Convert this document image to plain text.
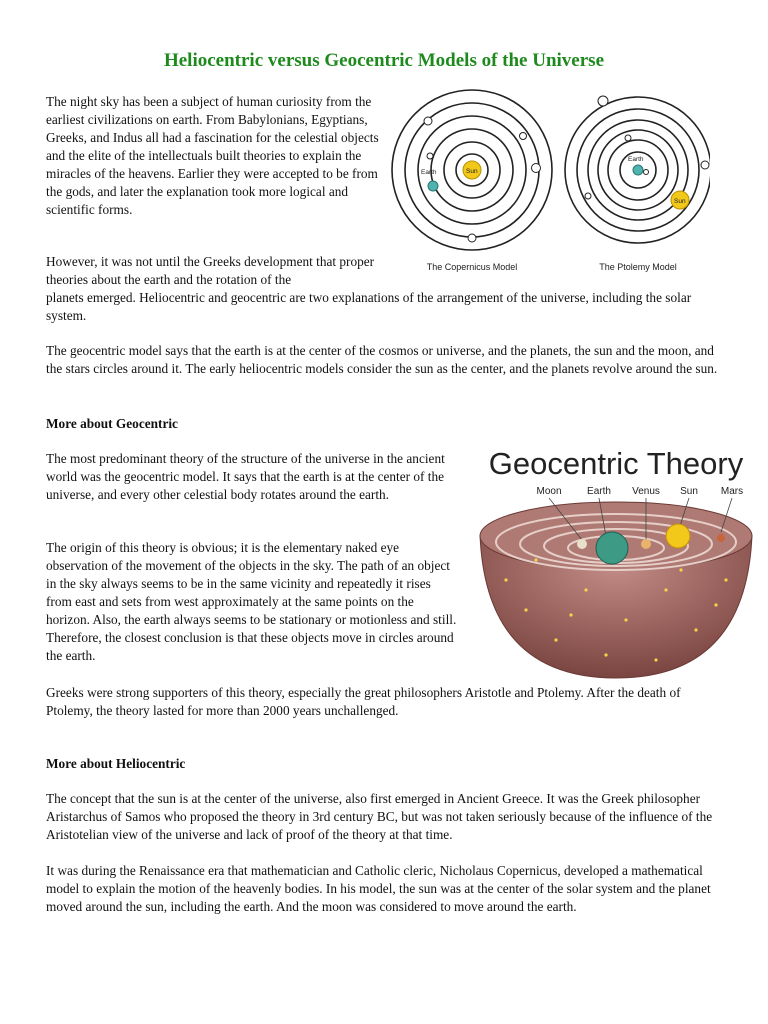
Heliocentric versus Geocentric Models of the Universe

The night sky has been a subject of human curiosity from the earliest civilizations on earth. From Babylonians, Egyptians, Greeks, and Indus all had a fascination for the celestial objects and the elite of the intellectuals built theories to explain the miracles of the heavens. Earlier they were accepted to be from the gods, and later the explanation took more logical and scientific forms.

However, it was not until the Greeks development that proper theories about the earth and the rotation of the

planets emerged. Heliocentric and geocentric are two explanations of the arrangement of the universe, including the solar system.

The geocentric model says that the earth is at the center of the cosmos or universe, and the planets, the sun and the moon, and the stars circles around it. The early heliocentric models consider the sun as the center, and the planets revolve around the sun.

Earth	Sun
Earth
Sun
The Copernicus Model	The Ptolemy Model
More about Geocentric

The most predominant theory of the structure of the universe in the ancient world was the geocentric model. It says that the earth is at the center of the universe, and every other celestial body rotates around the earth.

The origin of this theory is obvious; it is the elementary naked eye observation of the movement of the objects in the sky. The path of an object in the sky always seems to be in the same vicinity and repeatedly it rises from east and sets from west approximately at the same points on the horizon. Also, the earth always seems to be stationary or motionless and still. Therefore, the closest conclusion is that these objects move in circles around the earth.

Greeks were strong supporters of this theory, especially the great philosophers Aristotle and Ptolemy. After the death of Ptolemy, the theory lasted for more than 2000 years unchallenged.

Geocentric Theory
Moon	Earth Venus Sun Mars
More about Heliocentric

The concept that the sun is at the center of the universe, also first emerged in Ancient Greece. It was the Greek philosopher Aristarchus of Samos who proposed the theory in 3rd century BC, but was not taken seriously because of the influence of the Aristotelian view of the universe and lack of proof of the theory at that time.

It was during the Renaissance era that mathematician and Catholic cleric, Nicholaus Copernicus, developed a mathematical model to explain the motion of the heavenly bodies. In his model, the sun was at the center of the solar system and the planet moved around the sun, including the earth. And the moon was considered to move around the earth.
